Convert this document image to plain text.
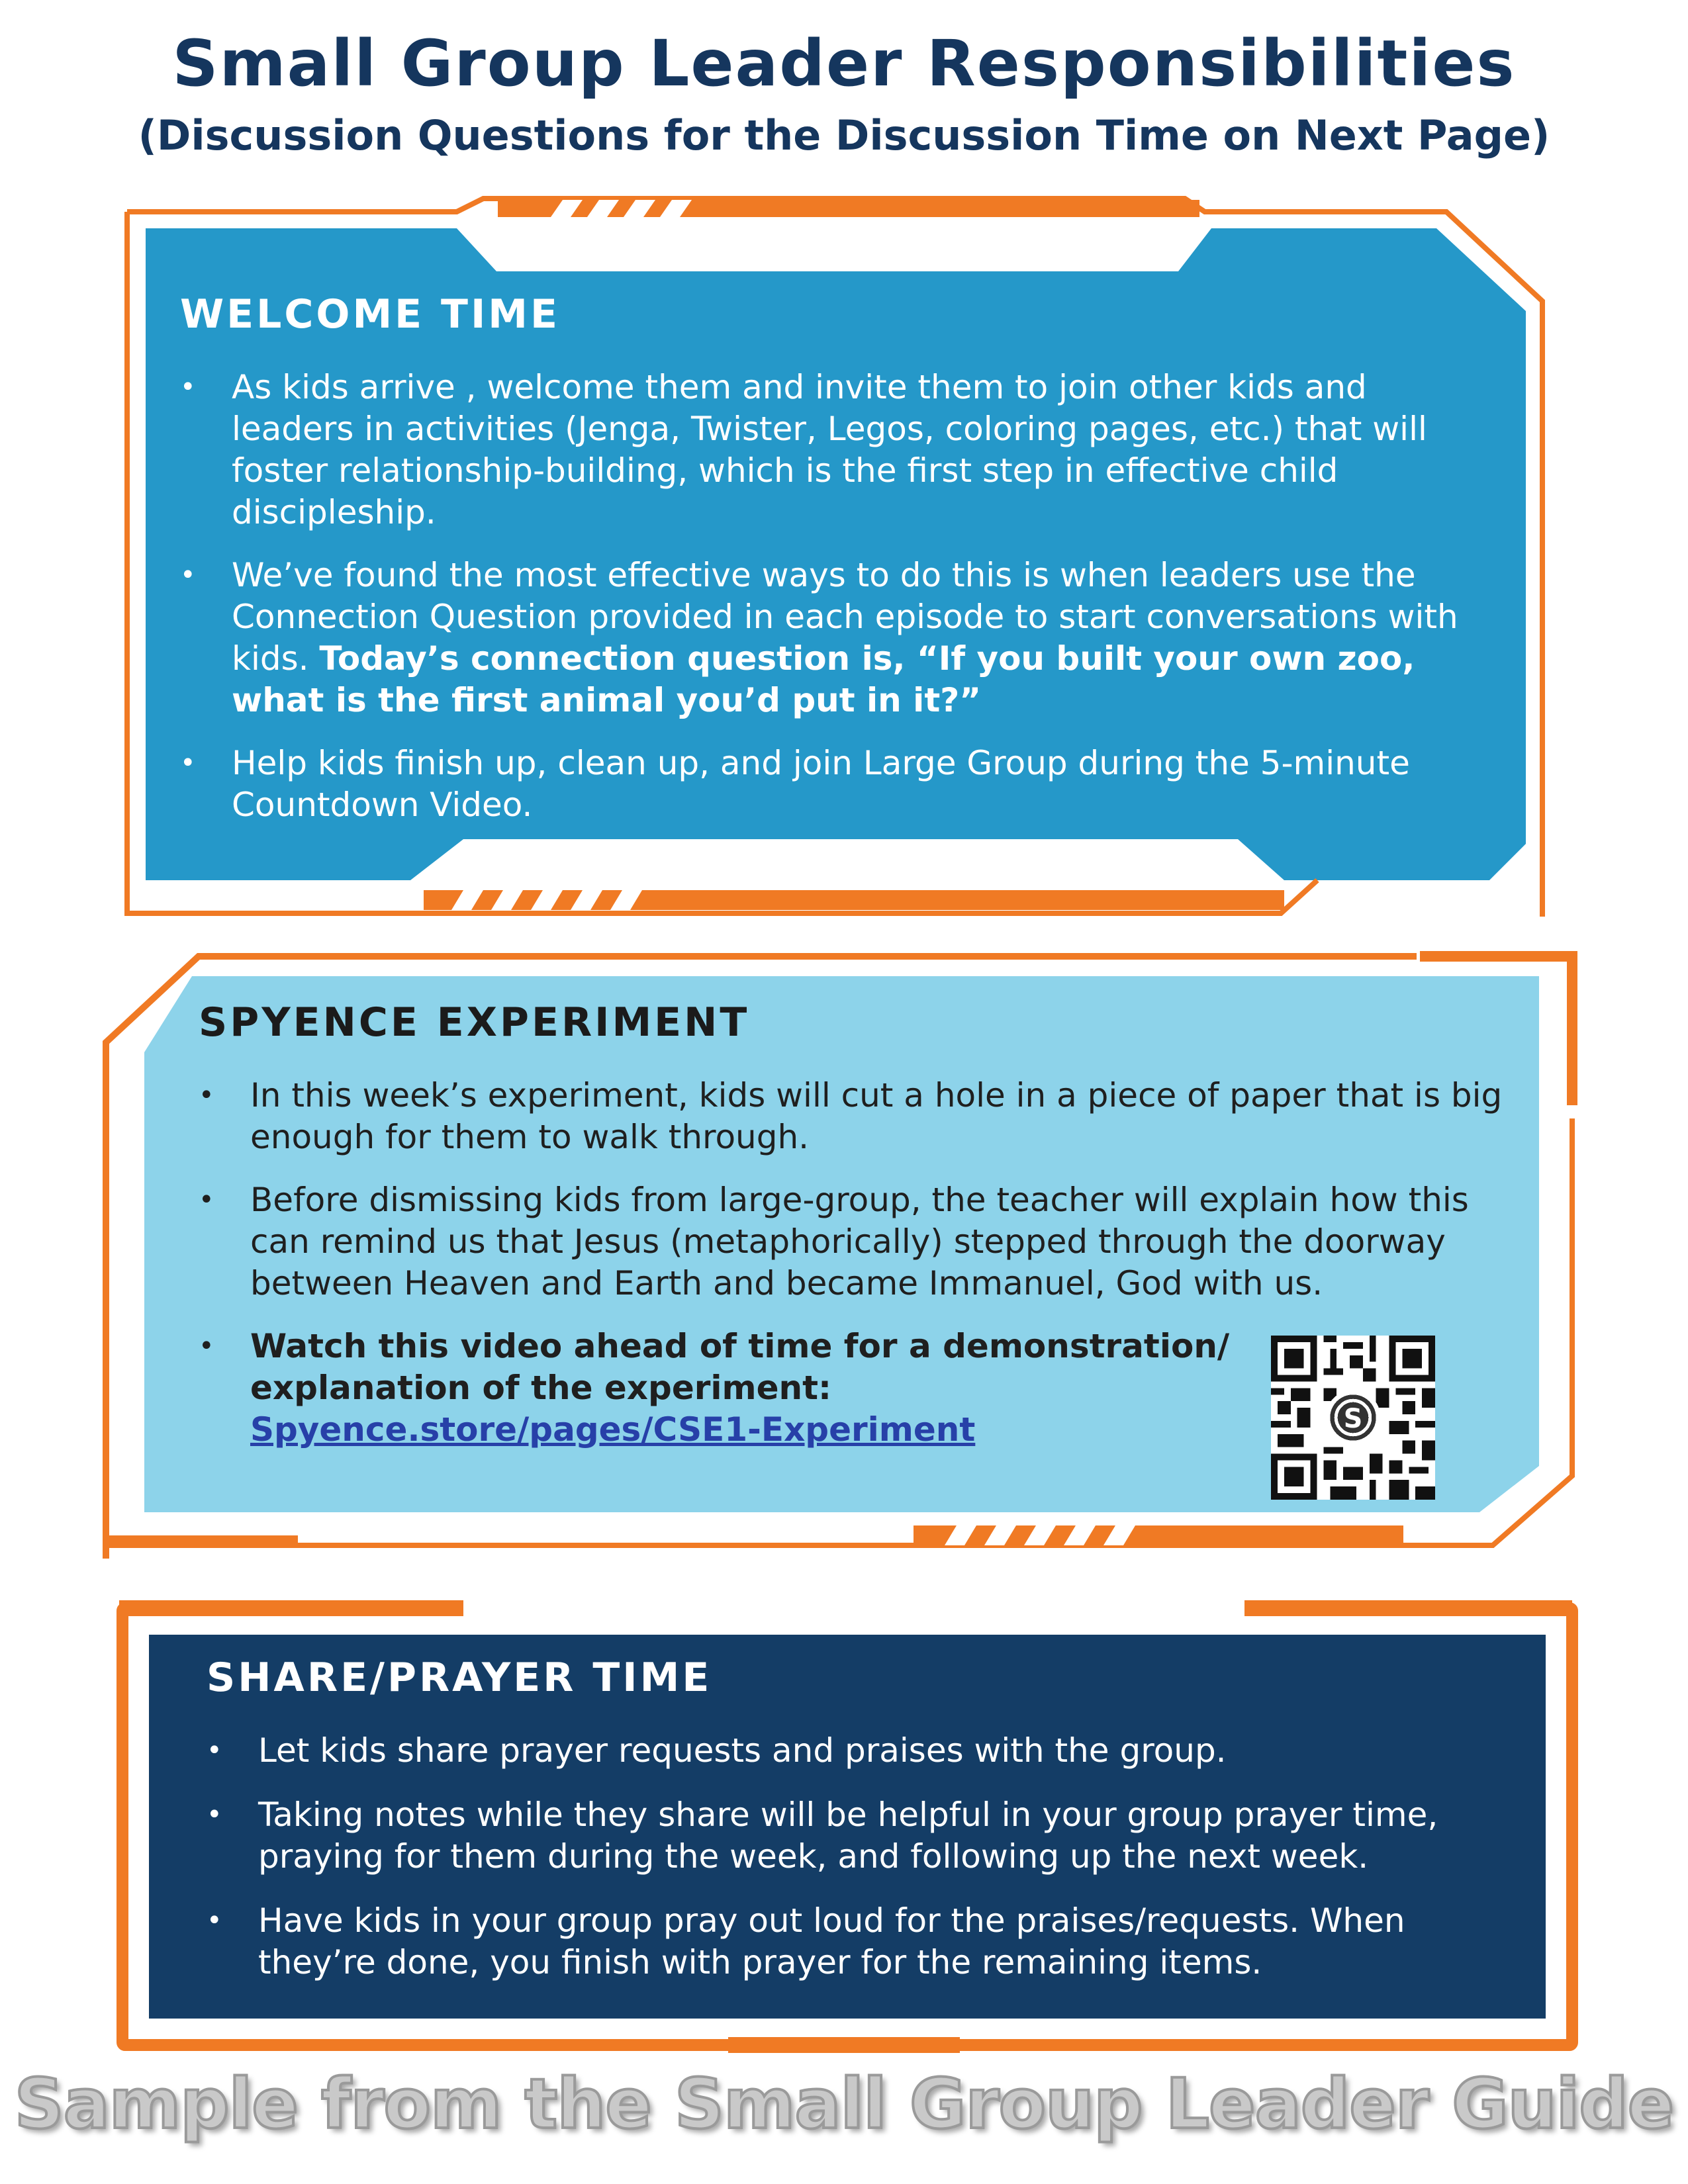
Small Group Leader Responsibilities
(Discussion Questions for the Discussion Time on Next Page)
WELCOME TIME
• As kids arrive , welcome them and invite them to join other kids and leaders in activities (Jenga, Twister, Legos, coloring pages, etc.) that will foster relationship-building, which is the first step in effective child discipleship.
• We’ve found the most effective ways to do this is when leaders use the Connection Question provided in each episode to start conversations with kids. Today’s connection question is, “If you built your own zoo, what is the first animal you’d put in it?”
• Help kids finish up, clean up, and join Large Group during the 5-minute Countdown Video.
SPYENCE EXPERIMENT
• In this week’s experiment, kids will cut a hole in a piece of paper that is big enough for them to walk through.
• Before dismissing kids from large-group, the teacher will explain how this can remind us that Jesus (metaphorically) stepped through the doorway between Heaven and Earth and became Immanuel, God with us.
• Watch this video ahead of time for a demonstration/ explanation of the experiment:
Spyence.store/pages/CSE1-Experiment	S
SHARE/PRAYER TIME
• Let kids share prayer requests and praises with the group.
• Taking notes while they share will be helpful in your group prayer time, praying for them during the week, and following up the next week.
• Have kids in your group pray out loud for the praises/requests. When they’re done, you finish with prayer for the remaining items.
Sample from the Small Group Leader Guide
